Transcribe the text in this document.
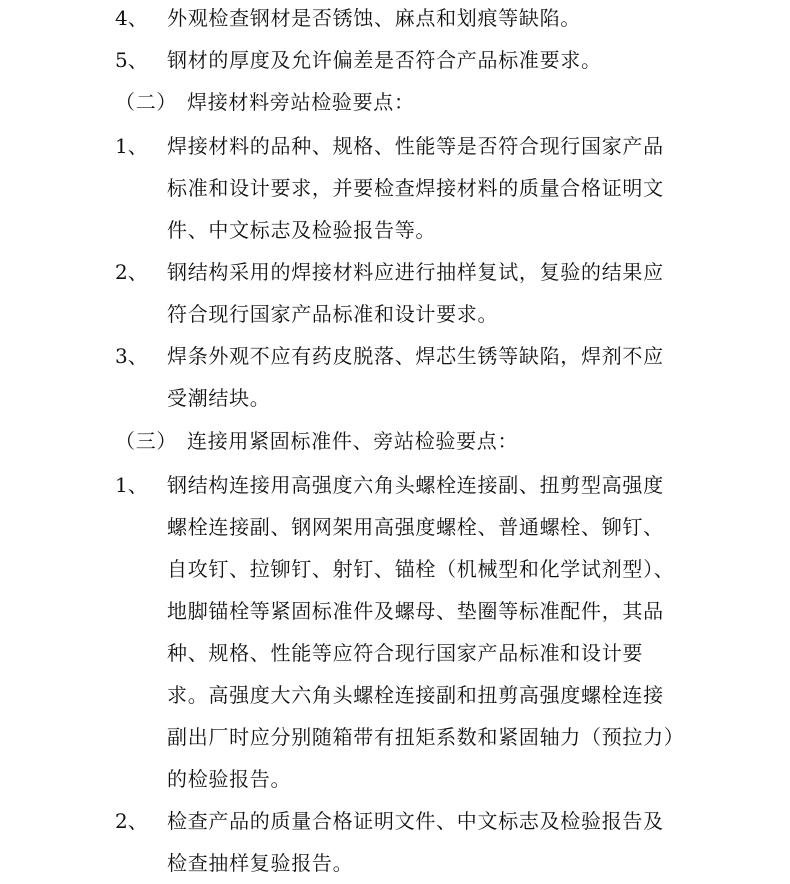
4、 外观检查钢材是否锈蚀、麻点和划痕等缺陷。
5、 钢材的厚度及允许偏差是否符合产品标准要求。
（二） 焊接材料旁站检验要点：
1、 焊接材料的品种、规格、性能等是否符合现行国家产品标准和设计要求，并要检查焊接材料的质量合格证明文件、中文标志及检验报告等。
2、 钢结构采用的焊接材料应进行抽样复试，复验的结果应符合现行国家产品标准和设计要求。
3、 焊条外观不应有药皮脱落、焊芯生锈等缺陷，焊剂不应受潮结块。
（三） 连接用紧固标准件、旁站检验要点：
1、 钢结构连接用高强度六角头螺栓连接副、扭剪型高强度螺栓连接副、钢网架用高强度螺栓、普通螺栓、铆钉、自攻钉、拉铆钉、射钉、锚栓（机械型和化学试剂型）、地脚锚栓等紧固标准件及螺母、垫圈等标准配件，其品种、规格、性能等应符合现行国家产品标准和设计要求。高强度大六角头螺栓连接副和扭剪高强度螺栓连接副出厂时应分别随箱带有扭矩系数和紧固轴力（预拉力）的检验报告。
2、 检查产品的质量合格证明文件、中文标志及检验报告及检查抽样复验报告。
